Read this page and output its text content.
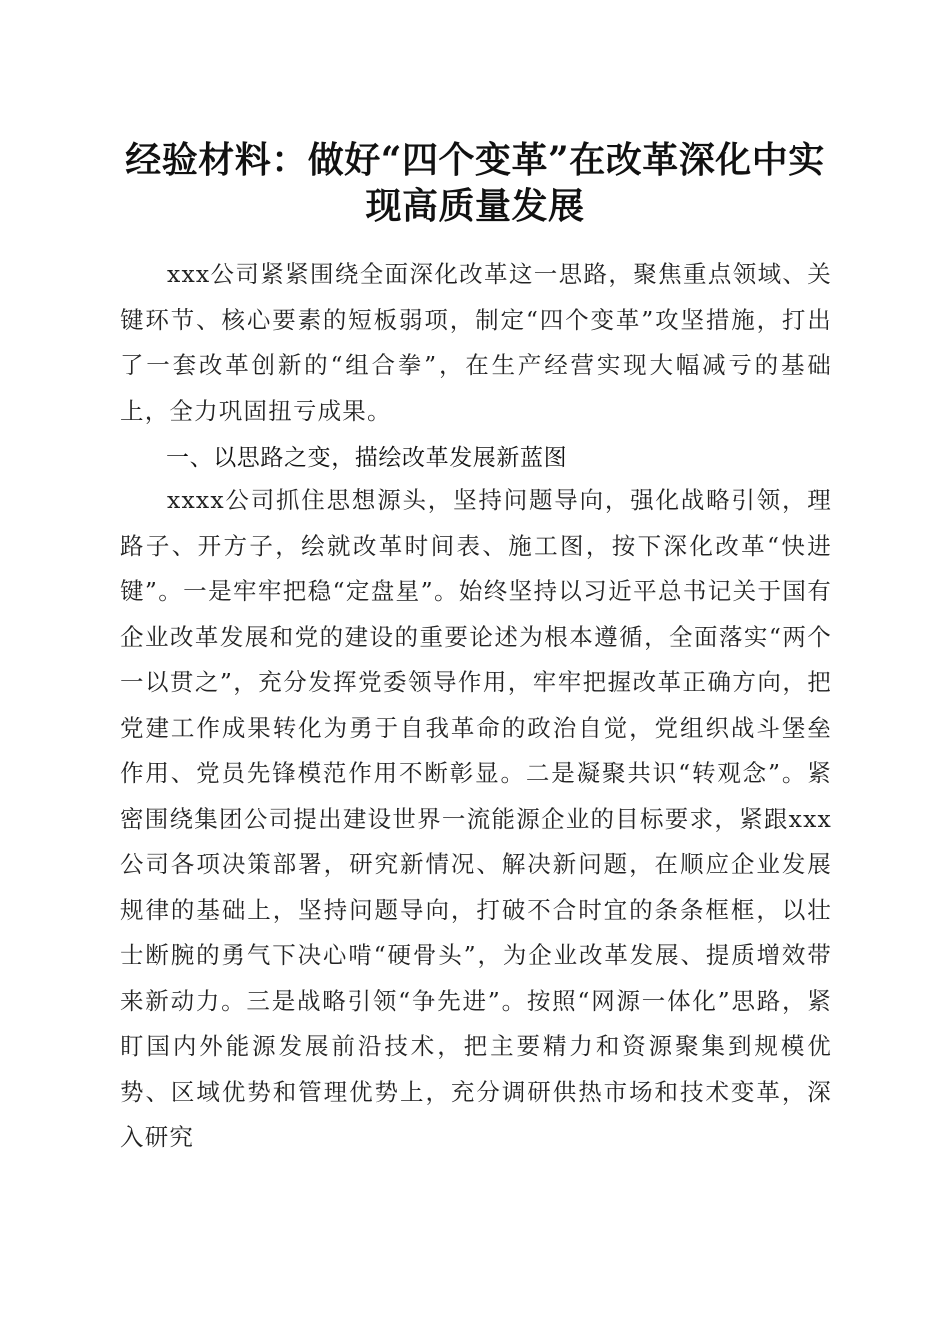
经验材料：做好“四个变革”在改革深化中实
现高质量发展

xxx公司紧紧围绕全面深化改革这一思路，聚焦重点领域、关键环节、核心要素的短板弱项，制定“四个变革”攻坚措施，打出了一套改革创新的“组合拳”，在生产经营实现大幅减亏的基础上，全力巩固扭亏成果。

一、以思路之变，描绘改革发展新蓝图

xxxx公司抓住思想源头，坚持问题导向，强化战略引领，理路子、开方子，绘就改革时间表、施工图，按下深化改革“快进键”。一是牢牢把稳“定盘星”。始终坚持以习近平总书记关于国有企业改革发展和党的建设的重要论述为根本遵循，全面落实“两个一以贯之”，充分发挥党委领导作用，牢牢把握改革正确方向，把党建工作成果转化为勇于自我革命的政治自觉，党组织战斗堡垒作用、党员先锋模范作用不断彰显。二是凝聚共识“转观念”。紧密围绕集团公司提出建设世界一流能源企业的目标要求，紧跟xxx公司各项决策部署，研究新情况、解决新问题，在顺应企业发展规律的基础上，坚持问题导向，打破不合时宜的条条框框，以壮士断腕的勇气下决心啃“硬骨头”，为企业改革发展、提质增效带来新动力。三是战略引领“争先进”。按照“网源一体化”思路，紧盯国内外能源发展前沿技术，把主要精力和资源聚集到规模优势、区域优势和管理优势上，充分调研供热市场和技术变革，深入研究
